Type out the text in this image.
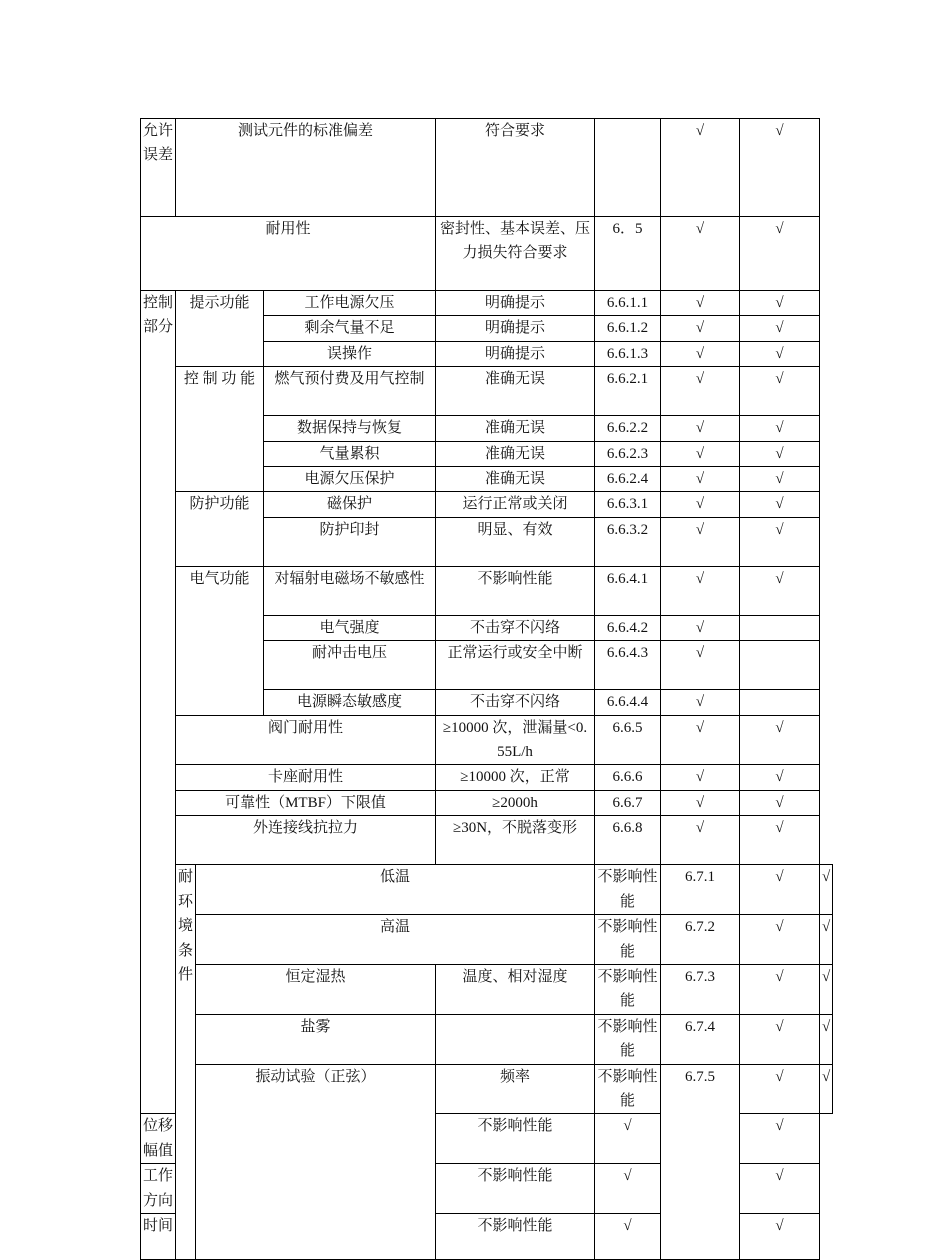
允许误差	测试元件的标准偏差			符合要求		√	√	
耐用性				密封性、基本误差、压力损失符合要求	6．5	√	√	
控制部分	提示功能		工作电源欠压	明确提示	6.6.1.1	√	√	
			剩余气量不足	明确提示	6.6.1.2	√	√	
			误操作	明确提示	6.6.1.3	√	√	
	控 制 功 能		燃气预付费及用气控制	准确无误	6.6.2.1	√	√	
			数据保持与恢复	准确无误	6.6.2.2	√	√	
			气量累积	准确无误	6.6.2.3	√	√	
			电源欠压保护	准确无误	6.6.2.4	√	√	
	防护功能		磁保护	运行正常或关闭	6.6.3.1	√	√	
			防护印封	明显、有效	6.6.3.2	√	√	
	电气功能		对辐射电磁场不敏感性	不影响性能	6.6.4.1	√	√	
			电气强度	不击穿不闪络	6.6.4.2	√		
			耐冲击电压	正常运行或安全中断	6.6.4.3	√		
			电源瞬态敏感度	不击穿不闪络	6.6.4.4	√		
	阀门耐用性			≥10000 次，泄漏量<0. 55L/h	6.6.5	√	√	
	卡座耐用性			≥10000 次，正常	6.6.6	√	√	
	可靠性（MTBF）下限值			≥2000h	6.6.7	√	√	
	外连接线抗拉力			≥30N，不脱落变形	6.6.8	√	√	
	耐环境条件	低温			不影响性能	6.7.1	√	√
		高温			不影响性能	6.7.2	√	√
		恒定湿热		温度、相对湿度	不影响性能	6.7.3	√	√
		盐雾			不影响性能	6.7.4	√	√
		振动试验（正弦）		频率	不影响性能	6.7.5	√	√
位移幅值				不影响性能	√		√	
工作方向				不影响性能	√		√	
时间				不影响性能	√		√	
